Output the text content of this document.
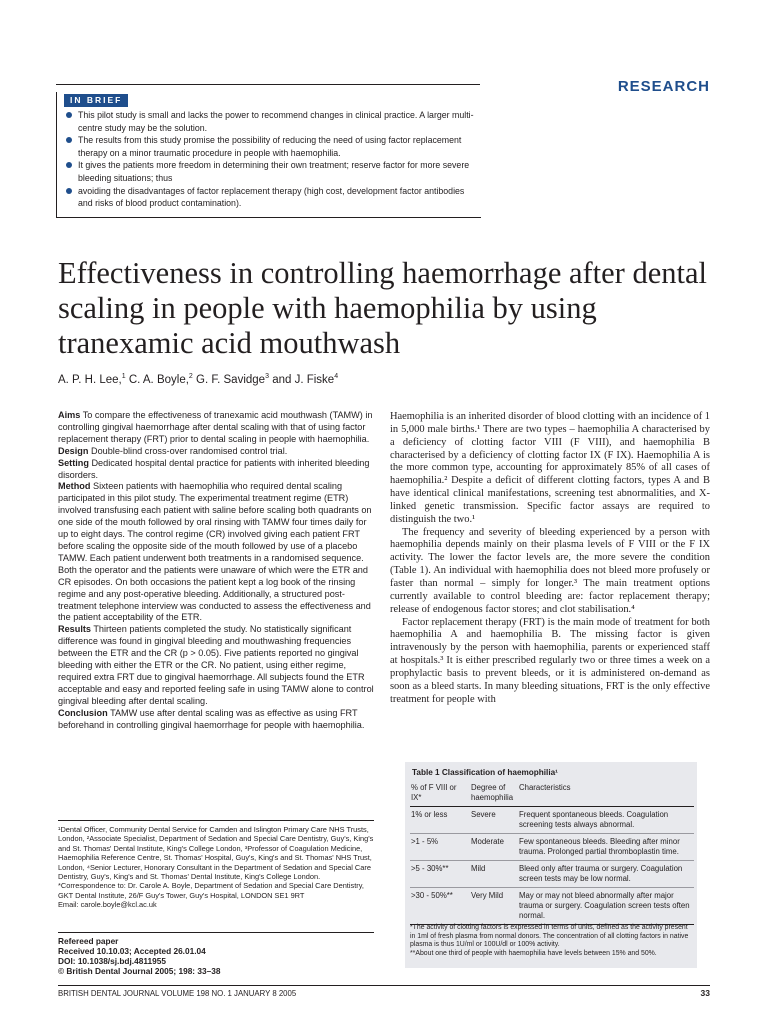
RESEARCH
IN BRIEF
This pilot study is small and lacks the power to recommend changes in clinical practice. A larger multi-centre study may be the solution.
The results from this study promise the possibility of reducing the need of using factor replacement therapy on a minor traumatic procedure in people with haemophilia.
It gives the patients more freedom in determining their own treatment; reserve factor for more severe bleeding situations; thus
avoiding the disadvantages of factor replacement therapy (high cost, development factor antibodies and risks of blood product contamination).
Effectiveness in controlling haemorrhage after dental scaling in people with haemophilia by using tranexamic acid mouthwash
A. P. H. Lee,$^1$ C. A. Boyle,$^2$ G. F. Savidge$^3$ and J. Fiske$^4$

Aims To compare the effectiveness of tranexamic acid mouthwash (TAMW) in controlling gingival haemorrhage after dental scaling with that of using factor replacement therapy (FRT) prior to dental scaling in people with haemophilia.

Design Double-blind cross-over randomised control trial.

Setting Dedicated hospital dental practice for patients with inherited bleeding disorders.

Method Sixteen patients with haemophilia who required dental scaling participated in this pilot study. The experimental treatment regime (ETR) involved transfusing each patient with saline before scaling both quadrants on one side of the mouth followed by oral rinsing with TAMW four times daily for up to eight days. The control regime (CR) involved giving each patient FRT before scaling the opposite side of the mouth followed by use of a placebo TAMW. Each patient underwent both treatments in a randomised sequence. Both the operator and the patients were unaware of which were the ETR and CR episodes. On both occasions the patient kept a log book of the rinsing regime and any post-operative bleeding. Additionally, a structured post-treatment telephone interview was conducted to assess the effectiveness and the patient acceptability of the ETR.

Results Thirteen patients completed the study. No statistically significant difference was found in gingival bleeding and mouthwashing frequencies between the ETR and the CR (p > 0.05). Five patients reported no gingival bleeding with either the ETR or the CR. No patient, using either regime, required extra FRT due to gingival haemorrhage. All subjects found the ETR acceptable and easy and reported feeling safe in using TAMW alone to control gingival bleeding after dental scaling.

Conclusion TAMW use after dental scaling was as effective as using FRT beforehand in controlling gingival haemorrhage for people with haemophilia.

¹Dental Officer, Community Dental Service for Camden and Islington Primary Care NHS Trusts, London, ²Associate Specialist, Department of Sedation and Special Care Dentistry, Guy's, King's and St. Thomas' Dental Institute, King's College London, ³Professor of Coagulation Medicine, Haemophilia Reference Centre, St. Thomas' Hospital, Guy's, King's and St. Thomas' NHS Trust, London, ⁴Senior Lecturer, Honorary Consultant in the Department of Sedation and Special Care Dentistry, Guy's, King's and St. Thomas' Dental Institute, King's College London.

*Correspondence to: Dr. Carole A. Boyle, Department of Sedation and Special Care Dentistry, GKT Dental Institute, 26/F Guy's Tower, Guy's Hospital, LONDON SE1 9RT

Email: carole.boyle@kcl.ac.uk

Refereed paper

Received 10.10.03; Accepted 26.01.04

DOI: 10.1038/sj.bdj.4811955

© British Dental Journal 2005; 198: 33–38

Haemophilia is an inherited disorder of blood clotting with an incidence of 1 in 5,000 male births.¹ There are two types – haemophilia A characterised by a deficiency of clotting factor VIII (F VIII), and haemophilia B characterised by a deficiency of clotting factor IX (F IX). Haemophilia A is the more common type, accounting for approximately 85% of all cases of haemophilia.² Despite a deficit of different clotting factors, types A and B have identical clinical manifestations, screening test abnormalities, and X-linked genetic transmission. Specific factor assays are required to distinguish the two.¹

The frequency and severity of bleeding experienced by a person with haemophilia depends mainly on their plasma levels of F VIII or the F IX activity. The lower the factor levels are, the more severe the condition (Table 1). An individual with haemophilia does not bleed more profusely or faster than normal – simply for longer.³ The main treatment options currently available to control bleeding are: factor replacement therapy; release of endogenous factor stores; and clot stabilisation.⁴

Factor replacement therapy (FRT) is the main mode of treatment for both haemophilia A and haemophilia B. The missing factor is given intravenously by the person with haemophilia, parents or experienced staff at hospitals.³ It is either prescribed regularly two or three times a week on a prophylactic basis to prevent bleeds, or it is administered on-demand as soon as a bleed starts. In many bleeding situations, FRT is the only effective treatment for people with

Table 1 Classification of haemophilia¹
% of F VIII or IX*	Degree of haemophilia	Characteristics
1% or less	Severe	Frequent spontaneous bleeds. Coagulation screening tests always abnormal.
>1 - 5%	Moderate	Few spontaneous bleeds. Bleeding after minor trauma. Prolonged partial thromboplastin time.
>5 - 30%**	Mild	Bleed only after trauma or surgery. Coagulation screen tests may be low normal.
>30 - 50%**	Very Mild	May or may not bleed abnormally after major trauma or surgery. Coagulation screen tests often normal.

*The activity of clotting factors is expressed in terms of units, defined as the activity present in 1ml of fresh plasma from normal donors. The concentration of all clotting factors in native plasma is thus 1U/ml or 100U/dl or 100% activity.

**About one third of people with haemophilia have levels between 15% and 50%.

BRITISH DENTAL JOURNAL VOLUME 198 NO. 1 JANUARY 8 2005	33
